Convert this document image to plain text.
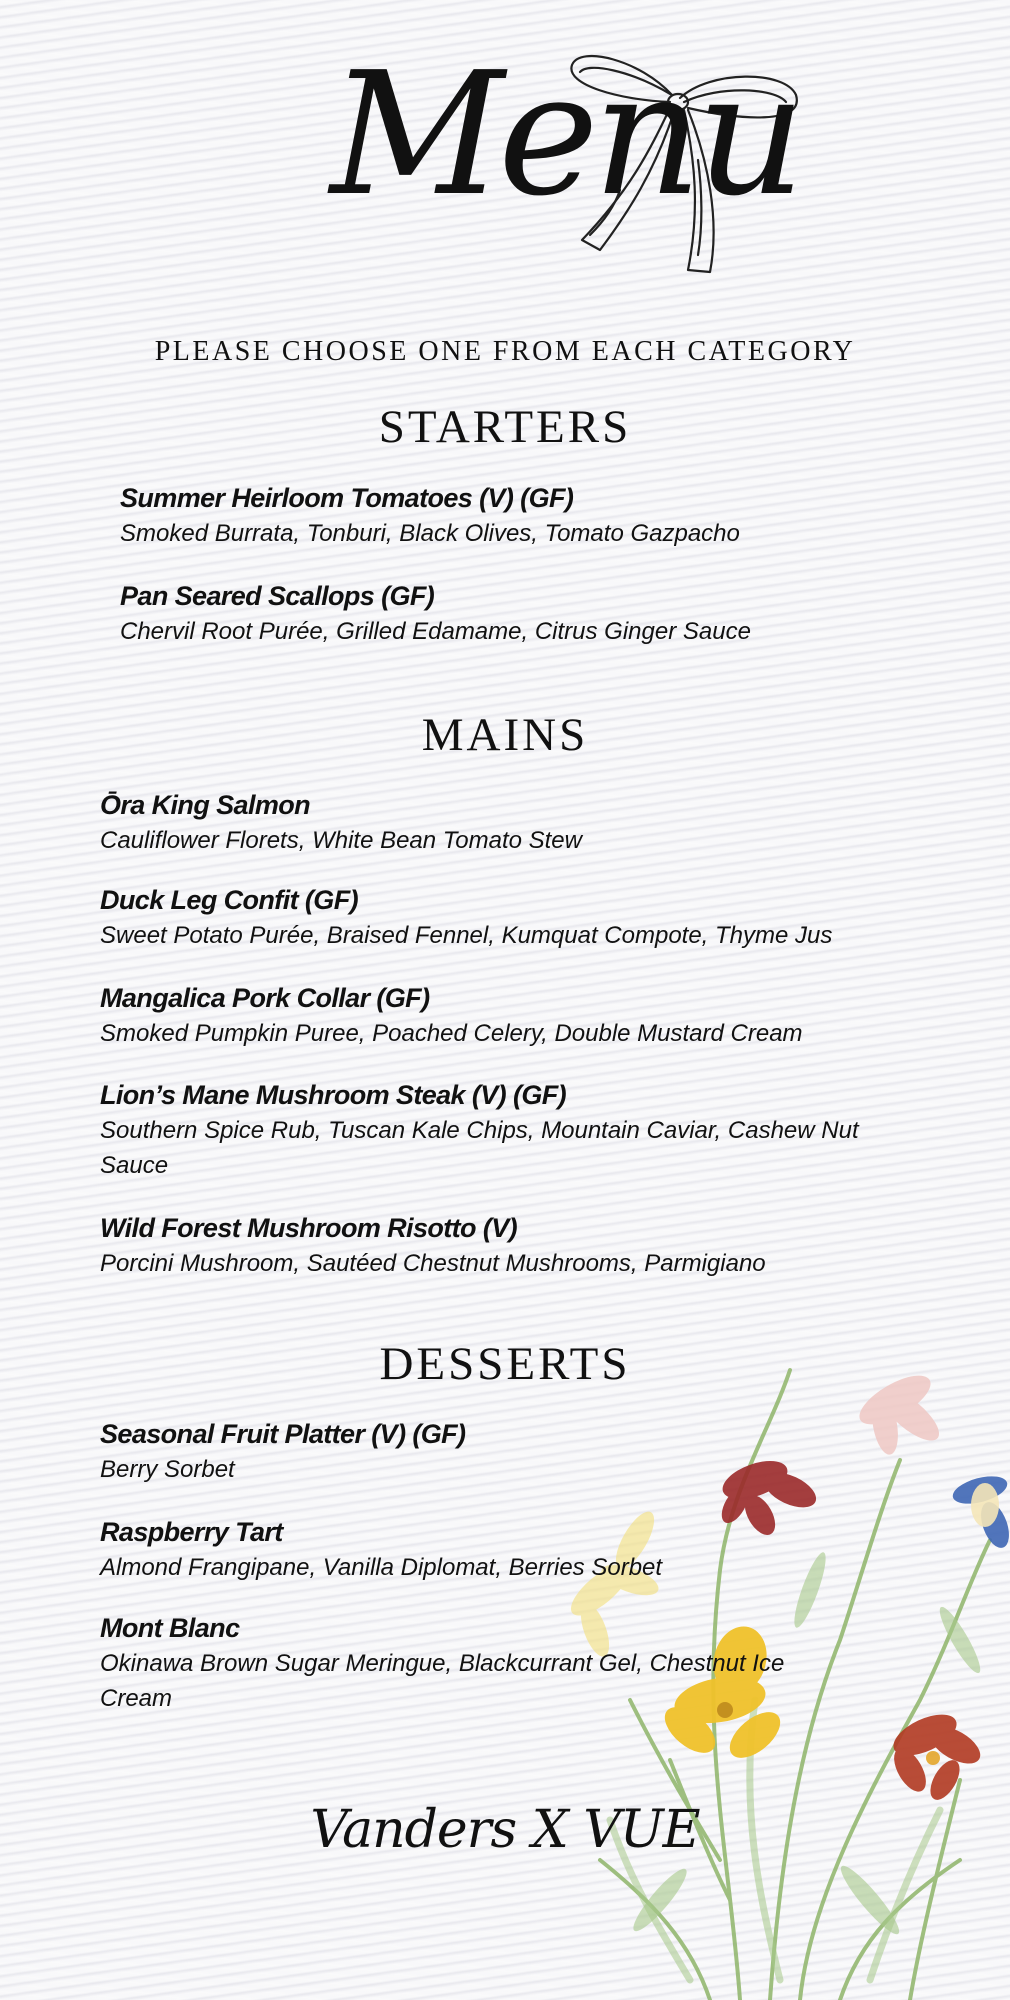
Menu
PLEASE CHOOSE ONE FROM EACH CATEGORY
STARTERS
Summer Heirloom Tomatoes (V) (GF)
Smoked Burrata, Tonburi, Black Olives, Tomato Gazpacho
Pan Seared Scallops (GF)
Chervil Root Purée, Grilled Edamame, Citrus Ginger Sauce
MAINS
Ōra King Salmon
Cauliflower Florets, White Bean Tomato Stew
Duck Leg Confit (GF)
Sweet Potato Purée, Braised Fennel, Kumquat Compote, Thyme Jus
Mangalica Pork Collar (GF)
Smoked Pumpkin Puree, Poached Celery, Double Mustard Cream
Lion’s Mane Mushroom Steak (V) (GF)
Southern Spice Rub, Tuscan Kale Chips, Mountain Caviar, Cashew Nut Sauce
Wild Forest Mushroom Risotto (V)
Porcini Mushroom, Sautéed Chestnut Mushrooms, Parmigiano
DESSERTS
Seasonal Fruit Platter (V) (GF)
Berry Sorbet
Raspberry Tart
Almond Frangipane, Vanilla Diplomat, Berries Sorbet
Mont Blanc
Okinawa Brown Sugar Meringue, Blackcurrant Gel, Chestnut Ice Cream
Vanders X VUE
